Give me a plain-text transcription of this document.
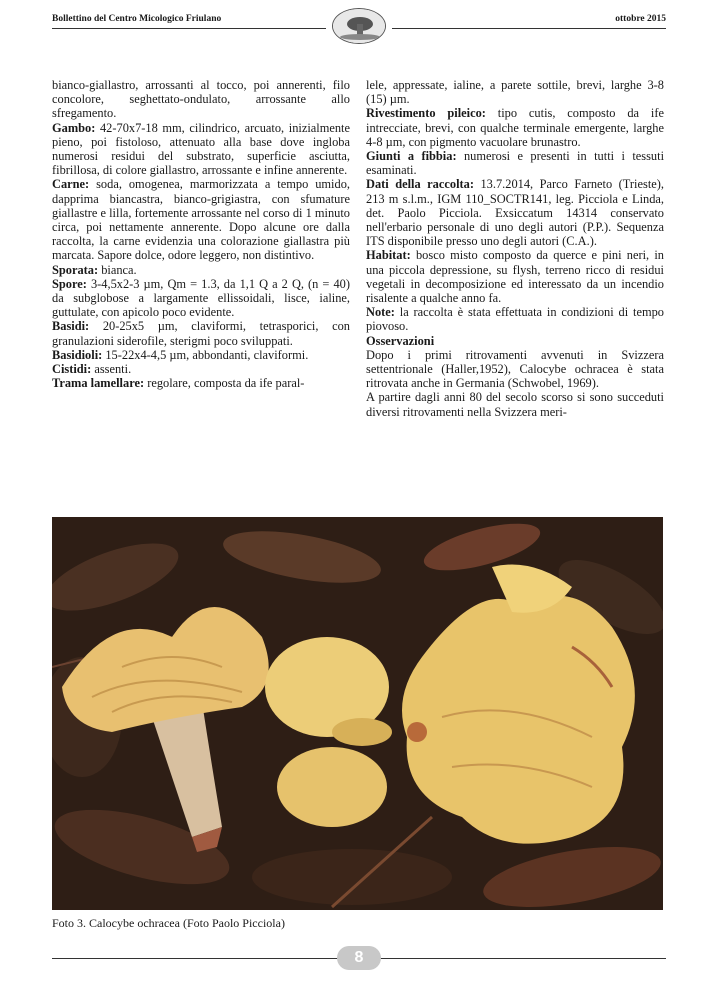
Bollettino del Centro Micologico Friulano	ottobre 2015

bianco-giallastro, arrossanti al tocco, poi annerenti, filo concolore, seghettato-ondulato, arrossante allo sfregamento.

Gambo: 42-70x7-18 mm, cilindrico, arcuato, inizialmente pieno, poi fistoloso, attenuato alla base dove ingloba numerosi residui del substrato, superficie asciutta, fibrillosa, di colore giallastro, arrossante e infine annerente.

Carne: soda, omogenea, marmorizzata a tempo umido, dapprima biancastra, bianco-grigiastra, con sfumature giallastre e lilla, fortemente arrossante nel corso di 1 minuto circa, poi nettamente annerente. Dopo alcune ore dalla raccolta, la carne evidenzia una colorazione giallastra più marcata. Sapore dolce, odore leggero, non distintivo.

Sporata: bianca.

Spore: 3-4,5x2-3 µm, Qm = 1.3, da 1,1 Q a 2 Q, (n = 40) da subglobose a largamente ellissoidali, lisce, ialine, guttulate, con apicolo poco evidente.

Basidi: 20-25x5 µm, claviformi, tetrasporici, con granulazioni siderofile, sterigmi poco sviluppati.

Basidioli: 15-22x4-4,5 µm, abbondanti, claviformi.

Cistidi: assenti.

Trama lamellare: regolare, composta da ife paral-

lele, appressate, ialine, a parete sottile, brevi, larghe 3-8 (15) µm.

Rivestimento pileico: tipo cutis, composto da ife intrecciate, brevi, con qualche terminale emergente, larghe 4-8 µm, con pigmento vacuolare brunastro.

Giunti a fibbia: numerosi e presenti in tutti i tessuti esaminati.

Dati della raccolta: 13.7.2014, Parco Farneto (Trieste), 213 m s.l.m., IGM 110_SOCTR141, leg. Picciola e Linda, det. Paolo Picciola. Exsiccatum 14314 conservato nell'erbario personale di uno degli autori (P.P.). Sequenza ITS disponibile presso uno degli autori (C.A.).

Habitat: bosco misto composto da querce e pini neri, in una piccola depressione, su flysh, terreno ricco di residui vegetali in decomposizione ed interessato da un incendio risalente a qualche anno fa.

Note: la raccolta è stata effettuata in condizioni di tempo piovoso.

Osservazioni

Dopo i primi ritrovamenti avvenuti in Svizzera settentrionale (Haller,1952), Calocybe ochracea è stata ritrovata anche in Germania (Schwobel, 1969).

A partire dagli anni 80 del secolo scorso si sono succeduti diversi ritrovamenti nella Svizzera meri-

Foto 3. Calocybe ochracea (Foto Paolo Picciola)
8
